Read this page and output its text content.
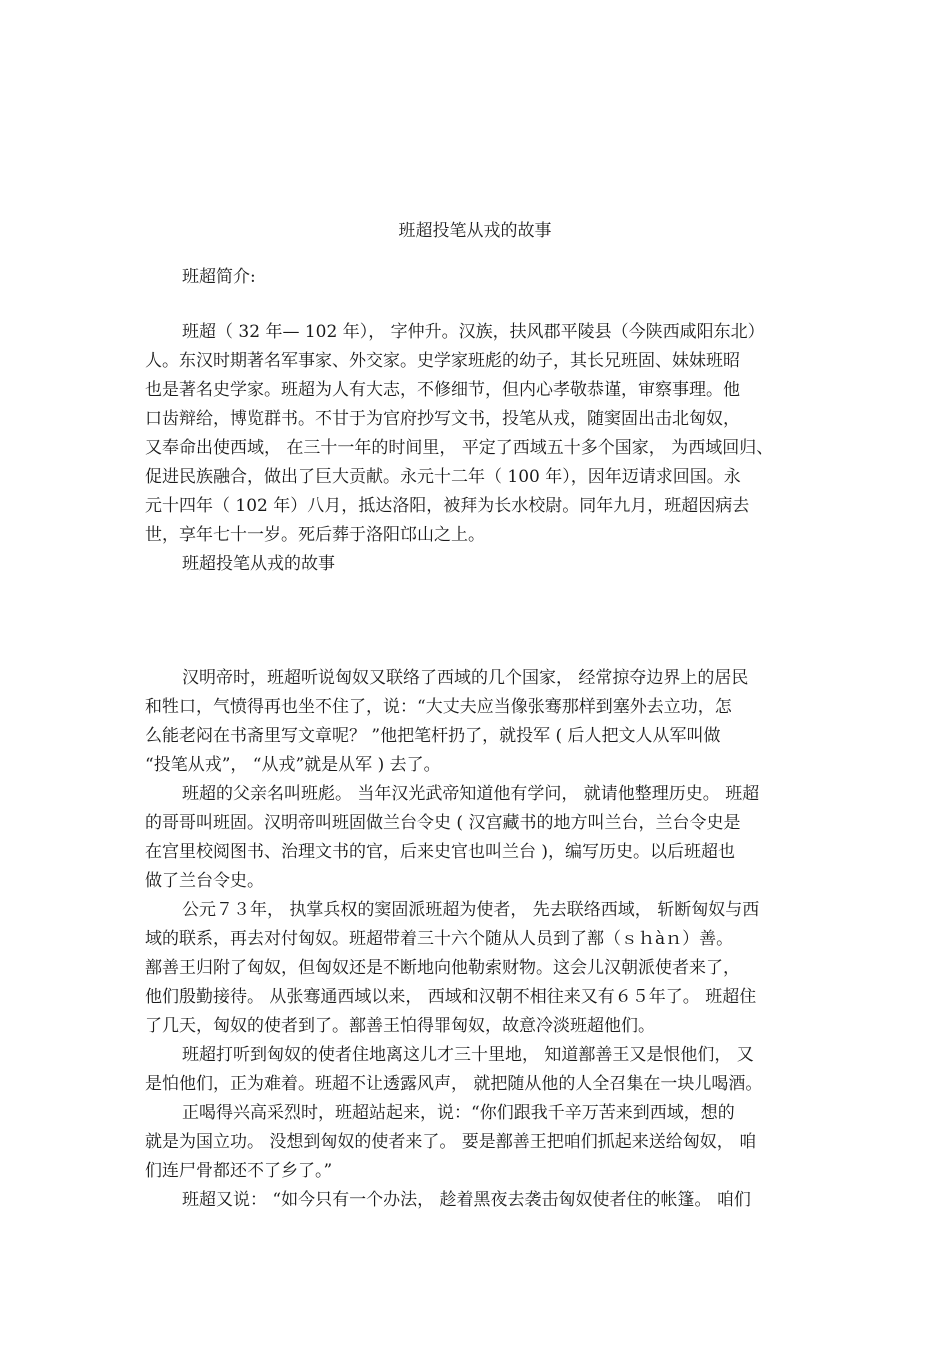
班超投笔从戎的故事
班超简介:
班超（ 32 年— 102 年）， 字仲升。汉族，扶风郡平陵县（今陕西咸阳东北）
人。东汉时期著名军事家、外交家。史学家班彪的幼子，其长兄班固、妹妹班昭
也是著名史学家。班超为人有大志，不修细节，但内心孝敬恭谨，审察事理。他
口齿辩给，博览群书。不甘于为官府抄写文书，投笔从戎，随窦固出击北匈奴，
又奉命出使西域， 在三十一年的时间里， 平定了西域五十多个国家， 为西域回归、
促进民族融合，做出了巨大贡献。永元十二年（ 100 年），因年迈请求回国。永
元十四年（ 102 年）八月，抵达洛阳，被拜为长水校尉。同年九月，班超因病去
世，享年七十一岁。死后葬于洛阳邙山之上。
班超投笔从戎的故事
汉明帝时，班超听说匈奴又联络了西域的几个国家， 经常掠夺边界上的居民
和牲口，气愤得再也坐不住了，说：“大丈夫应当像张骞那样到塞外去立功，怎
么能老闷在书斋里写文章呢？ ”他把笔杆扔了，就投军 ( 后人把文人从军叫做
“投笔从戎”， “从戎”就是从军 ) 去了。
班超的父亲名叫班彪。 当年汉光武帝知道他有学问， 就请他整理历史。 班超
的哥哥叫班固。汉明帝叫班固做兰台令史 ( 汉宫藏书的地方叫兰台，兰台令史是
在宫里校阅图书、治理文书的官，后来史官也叫兰台 )，编写历史。以后班超也
做了兰台令史。
公元７３年， 执掌兵权的窦固派班超为使者， 先去联络西域， 斩断匈奴与西
域的联系，再去对付匈奴。班超带着三十六个随从人员到了鄯（ｓｈàｎ）善。
鄯善王归附了匈奴，但匈奴还是不断地向他勒索财物。这会儿汉朝派使者来了，
他们殷勤接待。 从张骞通西域以来， 西域和汉朝不相往来又有６５年了。 班超住
了几天，匈奴的使者到了。鄯善王怕得罪匈奴，故意冷淡班超他们。
班超打听到匈奴的使者住地离这儿才三十里地， 知道鄯善王又是恨他们， 又
是怕他们，正为难着。班超不让透露风声， 就把随从他的人全召集在一块儿喝酒。
正喝得兴高采烈时，班超站起来，说：“你们跟我千辛万苦来到西域，想的
就是为国立功。 没想到匈奴的使者来了。 要是鄯善王把咱们抓起来送给匈奴， 咱
们连尸骨都还不了乡了。”
班超又说： “如今只有一个办法， 趁着黑夜去袭击匈奴使者住的帐篷。 咱们
